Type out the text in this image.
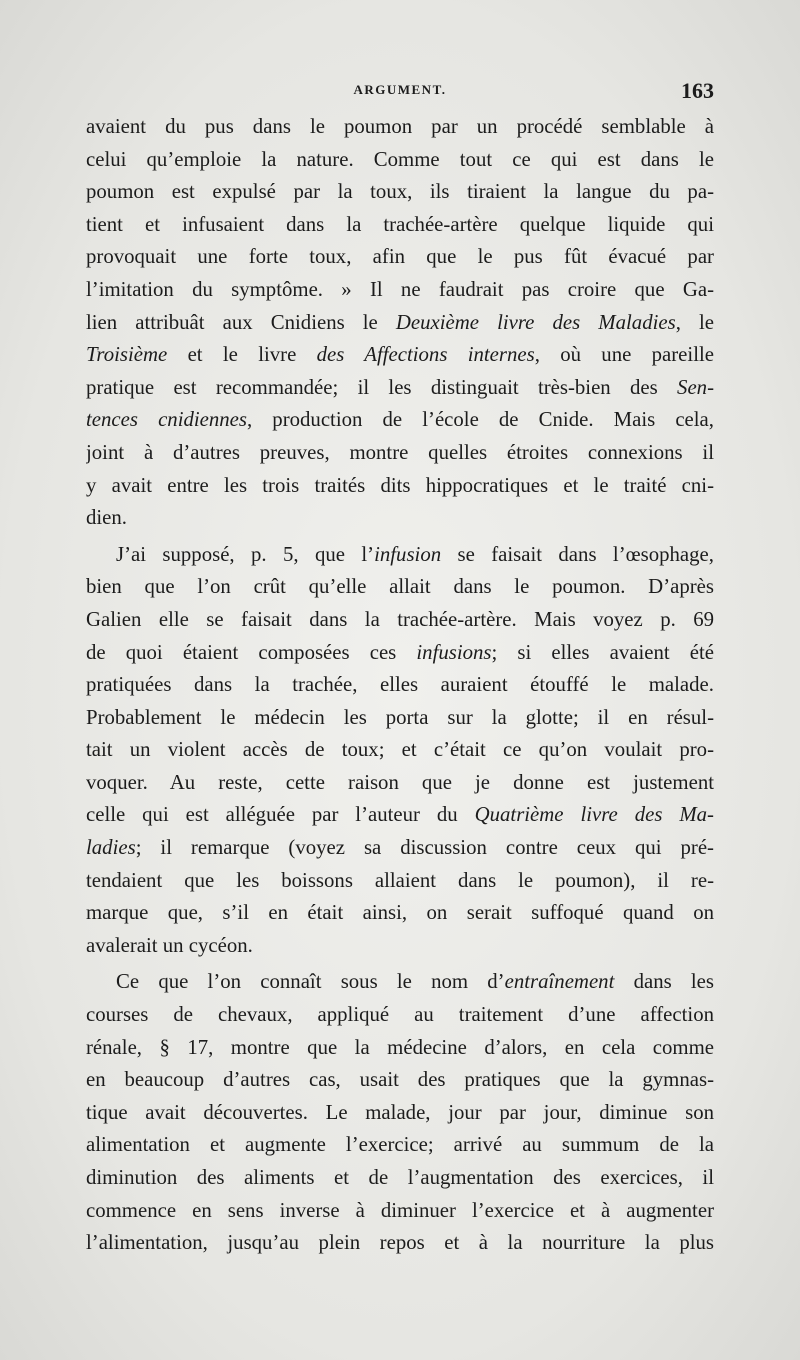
ARGUMENT.	163
avaient du pus dans le poumon par un procédé semblable à
celui qu’emploie la nature. Comme tout ce qui est dans le
poumon est expulsé par la toux, ils tiraient la langue du pa-
tient et infusaient dans la trachée-artère quelque liquide qui
provoquait une forte toux, afin que le pus fût évacué par
l’imitation du symptôme. » Il ne faudrait pas croire que Ga-
lien attribuât aux Cnidiens le Deuxième livre des Maladies, le
Troisième et le livre des Affections internes, où une pareille
pratique est recommandée; il les distinguait très-bien des Sen-
tences cnidiennes, production de l’école de Cnide. Mais cela,
joint à d’autres preuves, montre quelles étroites connexions il
y avait entre les trois traités dits hippocratiques et le traité cni-
dien.
J’ai supposé, p. 5, que l’infusion se faisait dans l’œsophage,
bien que l’on crût qu’elle allait dans le poumon. D’après
Galien elle se faisait dans la trachée-artère. Mais voyez p. 69
de quoi étaient composées ces infusions; si elles avaient été
pratiquées dans la trachée, elles auraient étouffé le malade.
Probablement le médecin les porta sur la glotte; il en résul-
tait un violent accès de toux; et c’était ce qu’on voulait pro-
voquer. Au reste, cette raison que je donne est justement
celle qui est alléguée par l’auteur du Quatrième livre des Ma-
ladies; il remarque (voyez sa discussion contre ceux qui pré-
tendaient que les boissons allaient dans le poumon), il re-
marque que, s’il en était ainsi, on serait suffoqué quand on
avalerait un cycéon.
Ce que l’on connaît sous le nom d’entraînement dans les
courses de chevaux, appliqué au traitement d’une affection
rénale, § 17, montre que la médecine d’alors, en cela comme
en beaucoup d’autres cas, usait des pratiques que la gymnas-
tique avait découvertes. Le malade, jour par jour, diminue son
alimentation et augmente l’exercice; arrivé au summum de la
diminution des aliments et de l’augmentation des exercices, il
commence en sens inverse à diminuer l’exercice et à augmenter
l’alimentation, jusqu’au plein repos et à la nourriture la plus
